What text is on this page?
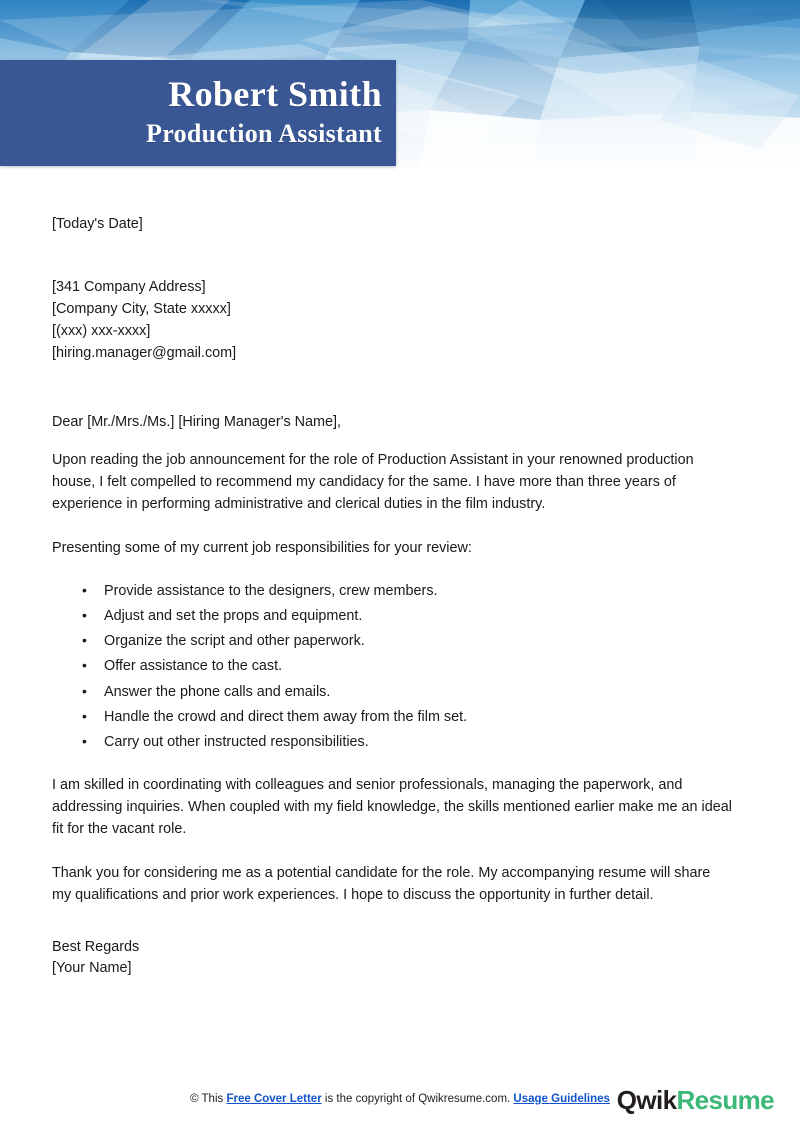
Robert Smith
Production Assistant
[Today's Date]
[341 Company Address]
[Company City, State xxxxx]
[(xxx) xxx-xxxx]
[hiring.manager@gmail.com]
Dear [Mr./Mrs./Ms.] [Hiring Manager's Name],

Upon reading the job announcement for the role of Production Assistant in your renowned production house, I felt compelled to recommend my candidacy for the same. I have more than three years of experience in performing administrative and clerical duties in the film industry.

Presenting some of my current job responsibilities for your review:

• Provide assistance to the designers, crew members.
• Adjust and set the props and equipment.
• Organize the script and other paperwork.
• Offer assistance to the cast.
• Answer the phone calls and emails.
• Handle the crowd and direct them away from the film set.
• Carry out other instructed responsibilities.

I am skilled in coordinating with colleagues and senior professionals, managing the paperwork, and addressing inquiries. When coupled with my field knowledge, the skills mentioned earlier make me an ideal fit for the vacant role.

Thank you for considering me as a potential candidate for the role. My accompanying resume will share my qualifications and prior work experiences. I hope to discuss the opportunity in further detail.

Best Regards
[Your Name]
© This Free Cover Letter is the copyright of Qwikresume.com. Usage Guidelines QwikResume
